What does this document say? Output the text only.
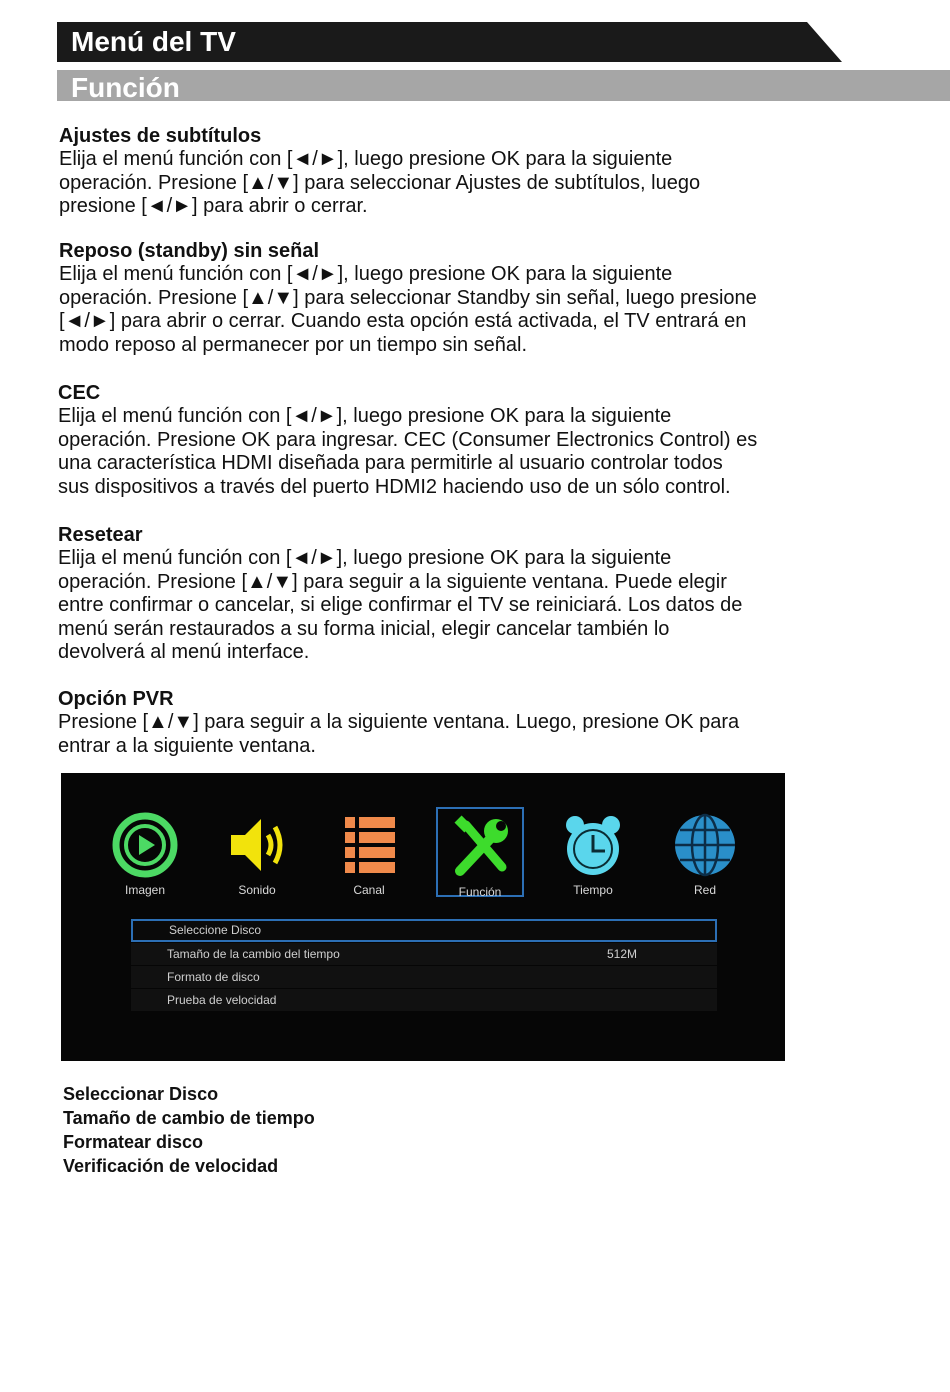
Menú del TV
Función
Ajustes de subtítulos

Elija el menú función con [◄/►], luego presione OK para la siguiente

operación. Presione [▲/▼] para seleccionar Ajustes de subtítulos, luego

presione [◄/►] para abrir o cerrar.

Reposo (standby) sin señal

Elija el menú función con [◄/►], luego presione OK para la siguiente

operación. Presione [▲/▼] para seleccionar Standby sin señal, luego presione

[◄/►] para abrir o cerrar. Cuando esta opción está activada, el TV entrará en

modo reposo al permanecer por un tiempo sin señal.

CEC

Elija el menú función con [◄/►], luego presione OK para la siguiente

operación. Presione OK para ingresar. CEC (Consumer Electronics Control) es

una característica HDMI diseñada para permitirle al usuario controlar todos

sus dispositivos a través del puerto HDMI2 haciendo uso de un sólo control.

Resetear

Elija el menú función con [◄/►], luego presione OK para la siguiente

operación. Presione [▲/▼] para seguir a la siguiente ventana. Puede elegir

entre confirmar o cancelar, si elige confirmar el TV se reiniciará. Los datos de

menú serán restaurados a su forma inicial, elegir cancelar también lo

devolverá al menú interface.

Opción PVR

Presione [▲/▼] para seguir a la siguiente ventana. Luego, presione OK para

entrar a la siguiente ventana.

Imagen	Sonido	Canal	Función	Tiempo	Red
Seleccione Disco
Tamaño de la cambio del tiempo	512M
Formato de disco
Prueba de velocidad
Seleccionar Disco
Tamaño de cambio de tiempo
Formatear disco
Verificación de velocidad
